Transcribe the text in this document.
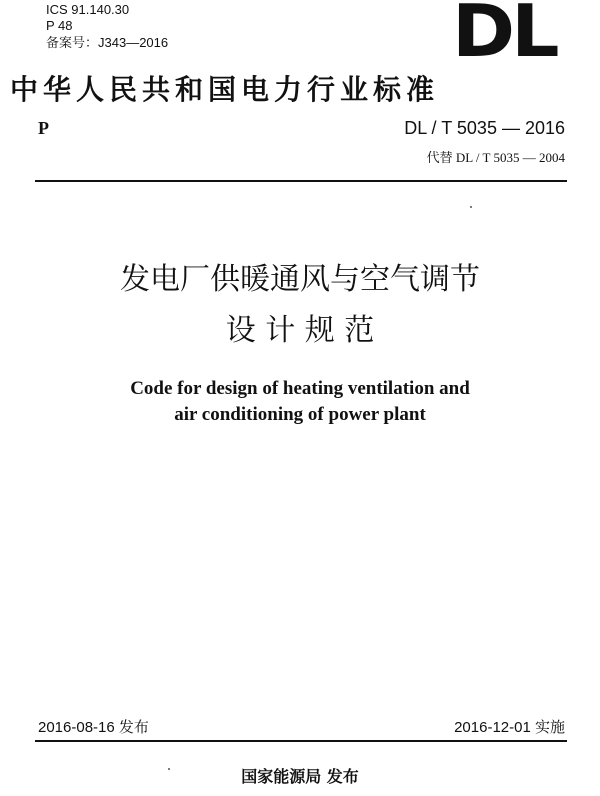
ICS 91.140.30
P 48
备案号：J343—2016	DL
中华人民共和国电力行业标准
P	DL / T 5035 — 2016
代替 DL / T 5035 — 2004
发电厂供暖通风与空气调节
设 计 规 范
Code for design of heating ventilation and
air conditioning of power plant
2016-08-16 发布	2016-12-01 实施
国家能源局 发布
